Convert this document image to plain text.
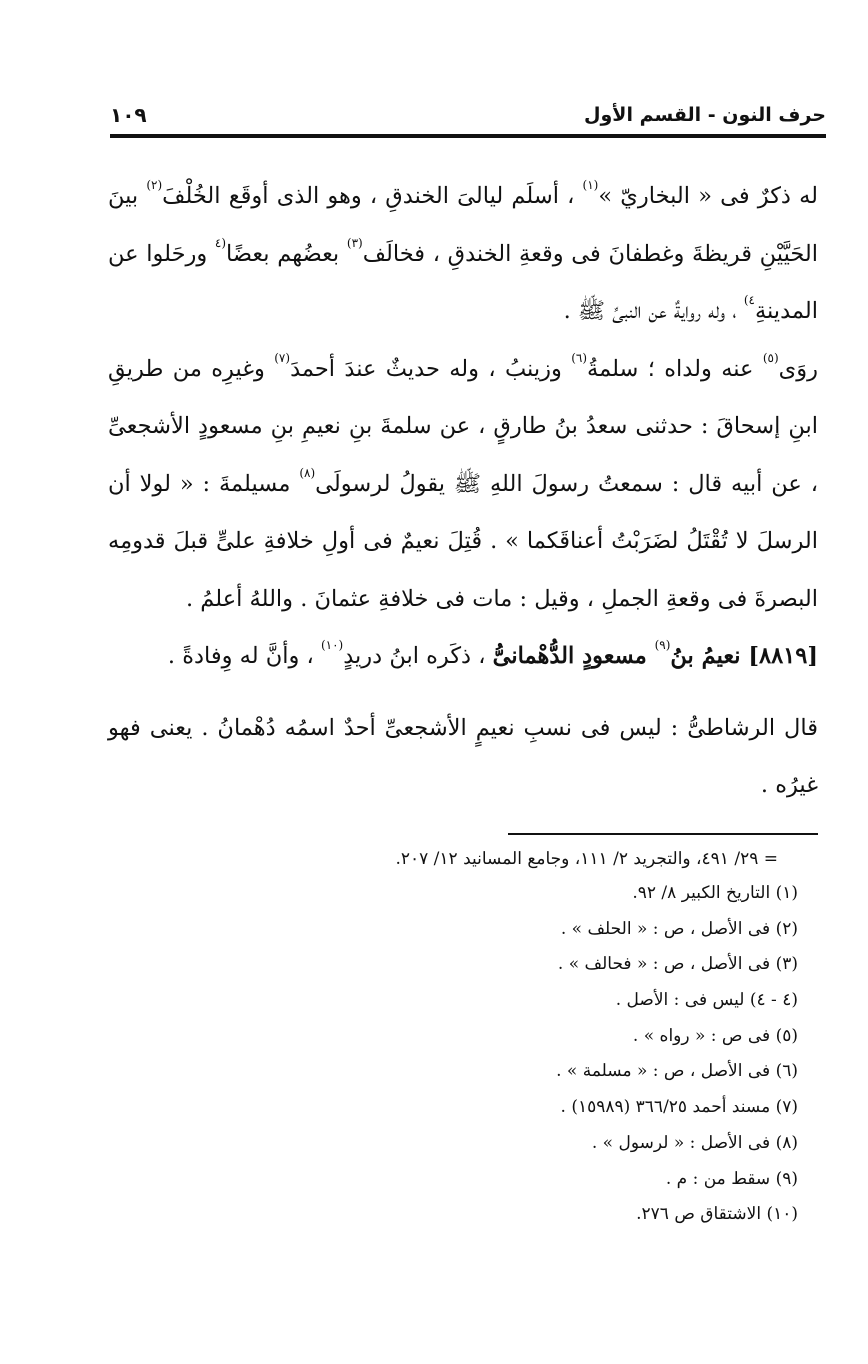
حرف النون - القسم الأول
١٠٩

له ذكرٌ فى « البخاريّ »$^{(١)}$ ، أسلَم ليالىَ الخندقِ ، وهو الذى أوقَع الخُلْفَ$^{(٢)}$ بينَ الحَيَّيْنِ قريظةَ وغطفانَ فى وقعةِ الخندقِ ، فخالَف$^{(٣)}$ بعضُهم بعضًا$^{(٤}$ ورحَلوا عن المدينةِ$^{٤)}$ ، وله روايةٌ عن النبىِّ ﷺ .

روَى$^{(٥)}$ عنه ولداه ؛ سلمةُ$^{(٦)}$ وزينبُ ، وله حديثٌ عندَ أحمدَ$^{(٧)}$ وغيرِه من طريقِ ابنِ إسحاقَ : حدثنى سعدُ بنُ طارقٍ ، عن سلمةَ بنِ نعيمِ بنِ مسعودٍ الأشجعىِّ ، عن أبيه قال : سمعتُ رسولَ اللهِ ﷺ يقولُ لرسولَى$^{(٨)}$ مسيلمةَ : « لولا أن الرسلَ لا تُقْتَلُ لضَرَبْتُ أعناقَكما » . قُتِلَ نعيمٌ فى أولِ خلافةِ علىٍّ قبلَ قدومِه البصرةَ فى وقعةِ الجملِ ، وقيل : مات فى خلافةِ عثمانَ . واللهُ أعلمُ .

[٨٨١٩] نعيمُ بنُ$^{(٩)}$ مسعودٍ الدُّهْمانىُّ ، ذكَره ابنُ دريدٍ$^{(١٠)}$ ، وأنَّ له وِفادةً .

قال الرشاطىُّ : ليس فى نسبِ نعيمٍ الأشجعىِّ أحدٌ اسمُه دُهْمانُ . يعنى فهو غيرُه .

= ٢٩/ ٤٩١، والتجريد ٢/ ١١١، وجامع المسانيد ١٢/ ٢٠٧.
(١) التاريخ الكبير ٨/ ٩٢.
(٢) فى الأصل ، ص : « الحلف » .
(٣) فى الأصل ، ص : « فحالف » .
(٤ - ٤) ليس فى : الأصل .
(٥) فى ص : « رواه » .
(٦) فى الأصل ، ص : « مسلمة » .
(٧) مسند أحمد ٣٦٦/٢٥ (١٥٩٨٩) .
(٨) فى الأصل : « لرسول » .
(٩) سقط من : م .
(١٠) الاشتقاق ص ٢٧٦.
